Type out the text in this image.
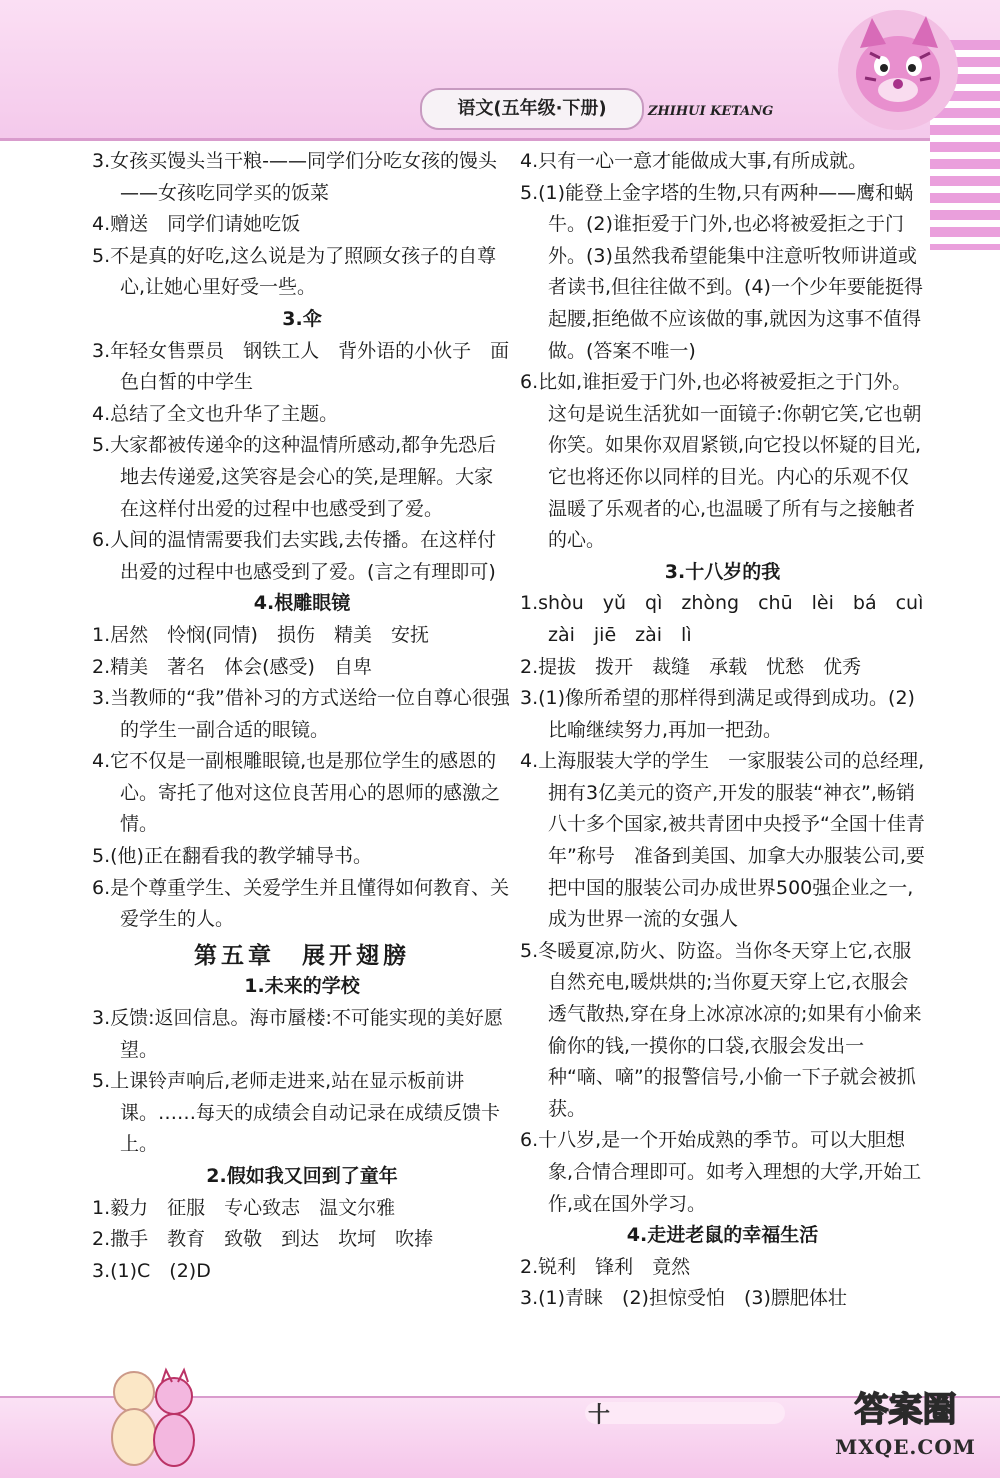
语文(五年级·下册)	ZHIHUI KETANG

3.女孩买馒头当干粮-——同学们分吃女孩的馒头——女孩吃同学买的饭菜

4.赠送　同学们请她吃饭

5.不是真的好吃,这么说是为了照顾女孩子的自尊心,让她心里好受一些。

3.伞

3.年轻女售票员　钢铁工人　背外语的小伙子　面色白皙的中学生

4.总结了全文也升华了主题。

5.大家都被传递伞的这种温情所感动,都争先恐后地去传递爱,这笑容是会心的笑,是理解。大家在这样付出爱的过程中也感受到了爱。

6.人间的温情需要我们去实践,去传播。在这样付出爱的过程中也感受到了爱。(言之有理即可)

4.根雕眼镜

1.居然　怜悯(同情)　损伤　精美　安抚

2.精美　著名　体会(感受)　自卑

3.当教师的“我”借补习的方式送给一位自尊心很强的学生一副合适的眼镜。

4.它不仅是一副根雕眼镜,也是那位学生的感恩的心。寄托了他对这位良苦用心的恩师的感激之情。

5.(他)正在翻看我的教学辅导书。

6.是个尊重学生、关爱学生并且懂得如何教育、关爱学生的人。

第五章　展开翅膀

1.未来的学校

3.反馈:返回信息。海市蜃楼:不可能实现的美好愿望。

5.上课铃声响后,老师走进来,站在显示板前讲课。……每天的成绩会自动记录在成绩反馈卡上。

2.假如我又回到了童年

1.毅力　征服　专心致志　温文尔雅

2.撒手　教育　致敬　到达　坎坷　吹捧

3.(1)C　(2)D

4.只有一心一意才能做成大事,有所成就。

5.(1)能登上金字塔的生物,只有两种——鹰和蜗牛。(2)谁拒爱于门外,也必将被爱拒之于门外。(3)虽然我希望能集中注意听牧师讲道或者读书,但往往做不到。(4)一个少年要能挺得起腰,拒绝做不应该做的事,就因为这事不值得做。(答案不唯一)

6.比如,谁拒爱于门外,也必将被爱拒之于门外。这句是说生活犹如一面镜子:你朝它笑,它也朝你笑。如果你双眉紧锁,向它投以怀疑的目光,它也将还你以同样的目光。内心的乐观不仅温暖了乐观者的心,也温暖了所有与之接触者的心。

3.十八岁的我

1.shòu　yǔ　qì　zhòng　chū　lèi　bá　cuì

zài　jiē　zài　lì

2.提拔　拨开　裁缝　承载　忧愁　优秀

3.(1)像所希望的那样得到满足或得到成功。(2)比喻继续努力,再加一把劲。

4.上海服装大学的学生　一家服装公司的总经理,拥有3亿美元的资产,开发的服装“神衣”,畅销八十多个国家,被共青团中央授予“全国十佳青年”称号　准备到美国、加拿大办服装公司,要把中国的服装公司办成世界500强企业之一,成为世界一流的女强人

5.冬暖夏凉,防火、防盗。当你冬天穿上它,衣服自然充电,暖烘烘的;当你夏天穿上它,衣服会透气散热,穿在身上冰凉冰凉的;如果有小偷来偷你的钱,一摸你的口袋,衣服会发出一种“嘀、嘀”的报警信号,小偷一下子就会被抓获。

6.十八岁,是一个开始成熟的季节。可以大胆想象,合情合理即可。如考入理想的大学,开始工作,或在国外学习。

4.走进老鼠的幸福生活

2.锐利　锋利　竟然

3.(1)青睐　(2)担惊受怕　(3)膘肥体壮

十	答案圈
MXQE.COM
